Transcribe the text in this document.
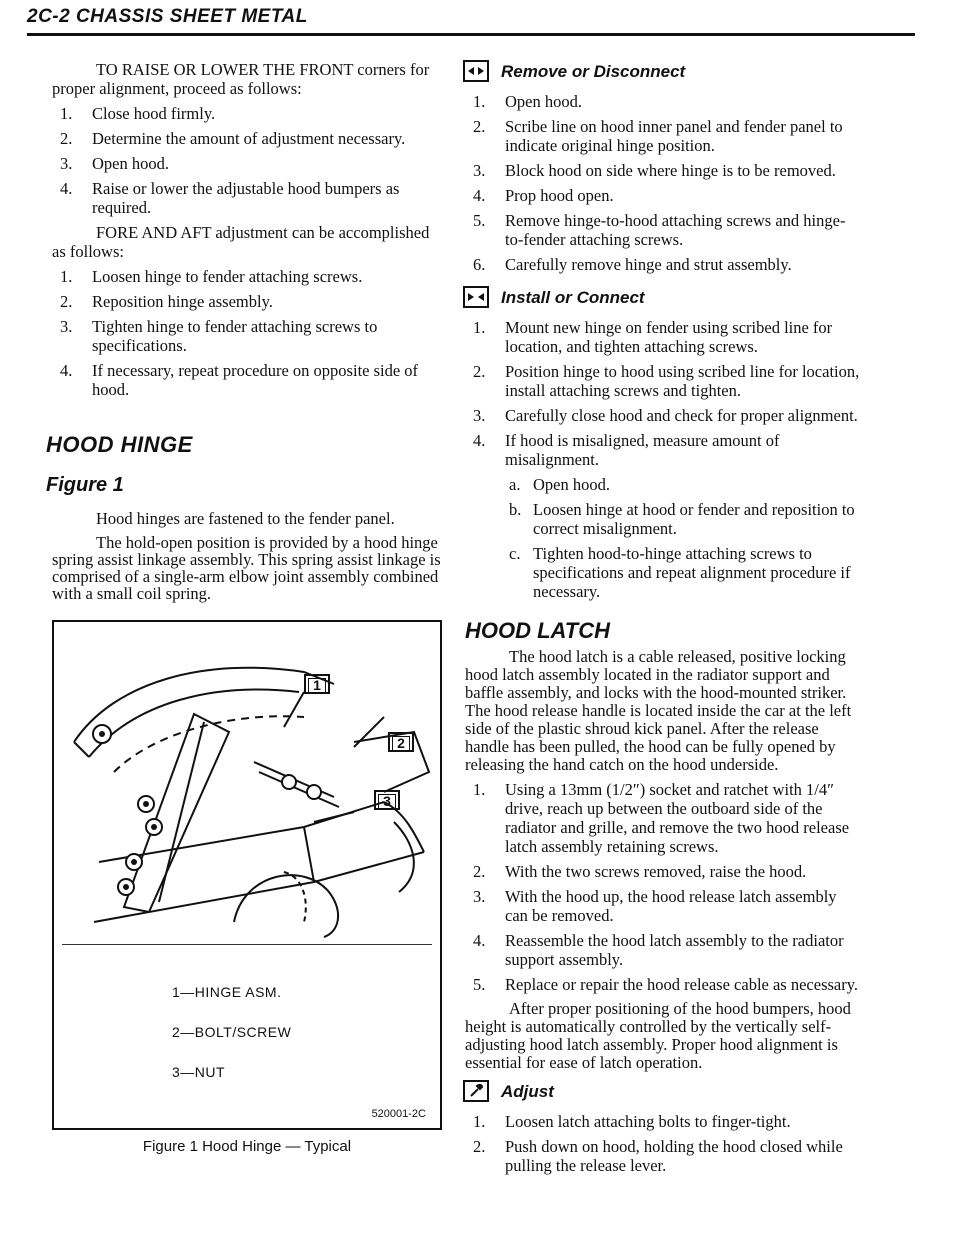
2C-2 CHASSIS SHEET METAL

TO RAISE OR LOWER THE FRONT corners for proper alignment, proceed as follows:

1.	Close hood firmly.
2.	Determine the amount of adjustment necessary.
3.	Open hood.
4.	Raise or lower the adjustable hood bumpers as required.

FORE AND AFT adjustment can be accomplished as follows:

1.	Loosen hinge to fender attaching screws.
2.	Reposition hinge assembly.
3.	Tighten hinge to fender attaching screws to specifications.
4.	If necessary, repeat procedure on opposite side of hood.
HOOD HINGE
Figure 1

Hood hinges are fastened to the fender panel.

The hold-open position is provided by a hood hinge spring assist linkage assembly. This spring assist linkage is comprised of a single-arm elbow joint assembly combined with a small coil spring.

1
2
3
1—HINGE ASM.
2—BOLT/SCREW
3—NUT
520001-2C
Figure 1 Hood Hinge — Typical
Remove or Disconnect
1.	Open hood.
2.	Scribe line on hood inner panel and fender panel to indicate original hinge position.
3.	Block hood on side where hinge is to be removed.
4.	Prop hood open.
5.	Remove hinge-to-hood attaching screws and hinge-to-fender attaching screws.
6.	Carefully remove hinge and strut assembly.
Install or Connect
1.	Mount new hinge on fender using scribed line for location, and tighten attaching screws.
2.	Position hinge to hood using scribed line for location, install attaching screws and tighten.
3.	Carefully close hood and check for proper alignment.
4.	If hood is misaligned, measure amount of misalignment.
a. Open hood.
b. Loosen hinge at hood or fender and reposition to correct misalignment.
c. Tighten hood-to-hinge attaching screws to specifications and repeat alignment procedure if necessary.
HOOD LATCH

The hood latch is a cable released, positive locking hood latch assembly located in the radiator support and baffle assembly, and locks with the hood-mounted striker. The hood release handle is located inside the car at the left side of the plastic shroud kick panel. After the release handle has been pulled, the hood can be fully opened by releasing the hand catch on the hood underside.

1.	Using a 13mm (1/2″) socket and ratchet with 1/4″ drive, reach up between the outboard side of the radiator and grille, and remove the two hood release latch assembly retaining screws.
2.	With the two screws removed, raise the hood.
3.	With the hood up, the hood release latch assembly can be removed.
4.	Reassemble the hood latch assembly to the radiator support assembly.
5.	Replace or repair the hood release cable as necessary.

After proper positioning of the hood bumpers, hood height is automatically controlled by the vertically self-adjusting hood latch assembly. Proper hood alignment is essential for ease of latch operation.

Adjust
1.	Loosen latch attaching bolts to finger-tight.
2.	Push down on hood, holding the hood closed while pulling the release lever.
